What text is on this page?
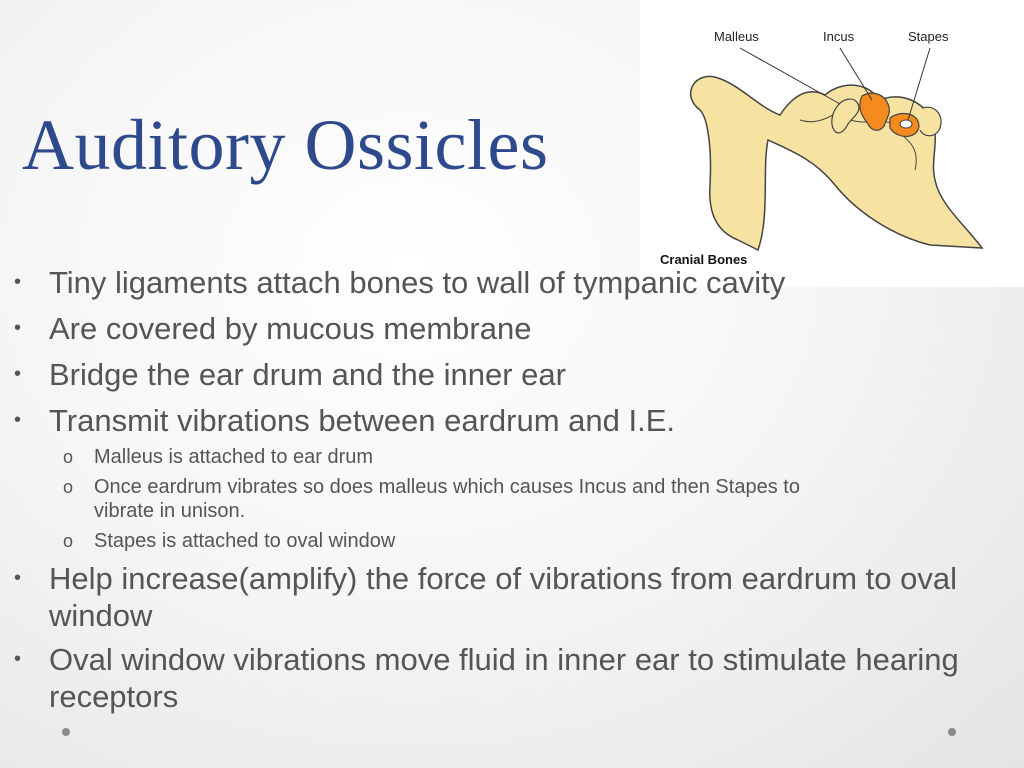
Auditory Ossicles
Malleus	Incus	Stapes
Cranial Bones
• Tiny ligaments attach bones to wall of tympanic cavity
• Are covered by mucous membrane
• Bridge the ear drum and the inner ear
• Transmit vibrations between eardrum and I.E.
o Malleus is attached to ear drum
o Once eardrum vibrates so does malleus which causes Incus and then Stapes to vibrate in unison.
o Stapes is attached to oval window
• Help increase(amplify) the force of vibrations from eardrum to oval window
• Oval window vibrations move fluid in inner ear to stimulate hearing receptors
